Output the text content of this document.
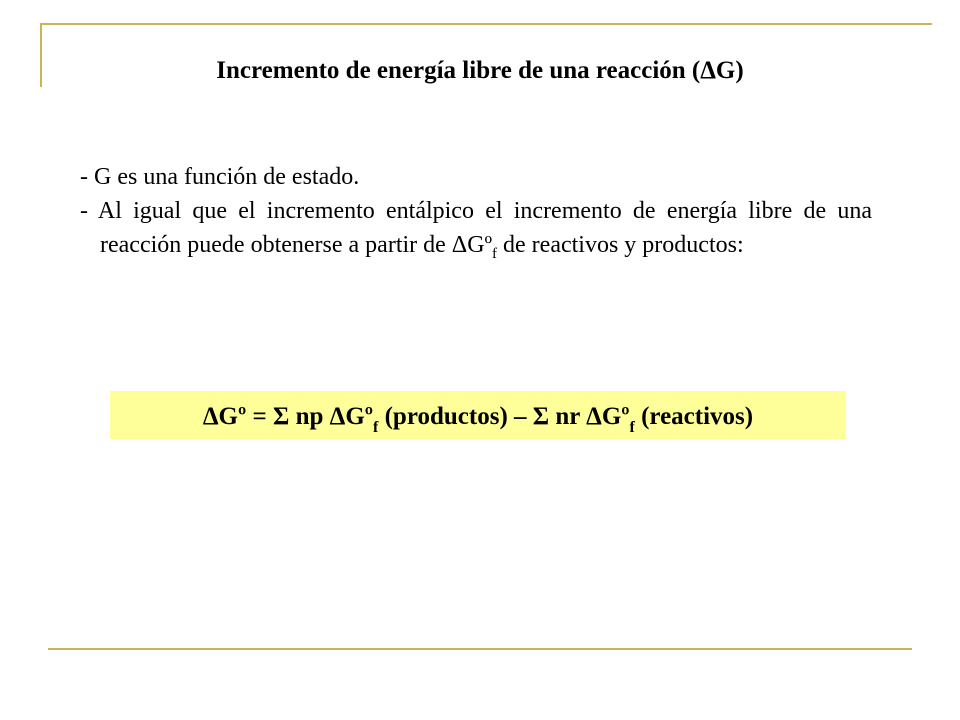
Incremento de energía libre de una reacción (ΔG)
- G es una función de estado.
- Al igual que el incremento entálpico el incremento de energía libre de una reacción puede obtenerse a partir de ΔGº$_f$ de reactivos y productos:
ΔGº = Σ np ΔGº$_f$ (productos) – Σ nr ΔGº$_f$ (reactivos)
